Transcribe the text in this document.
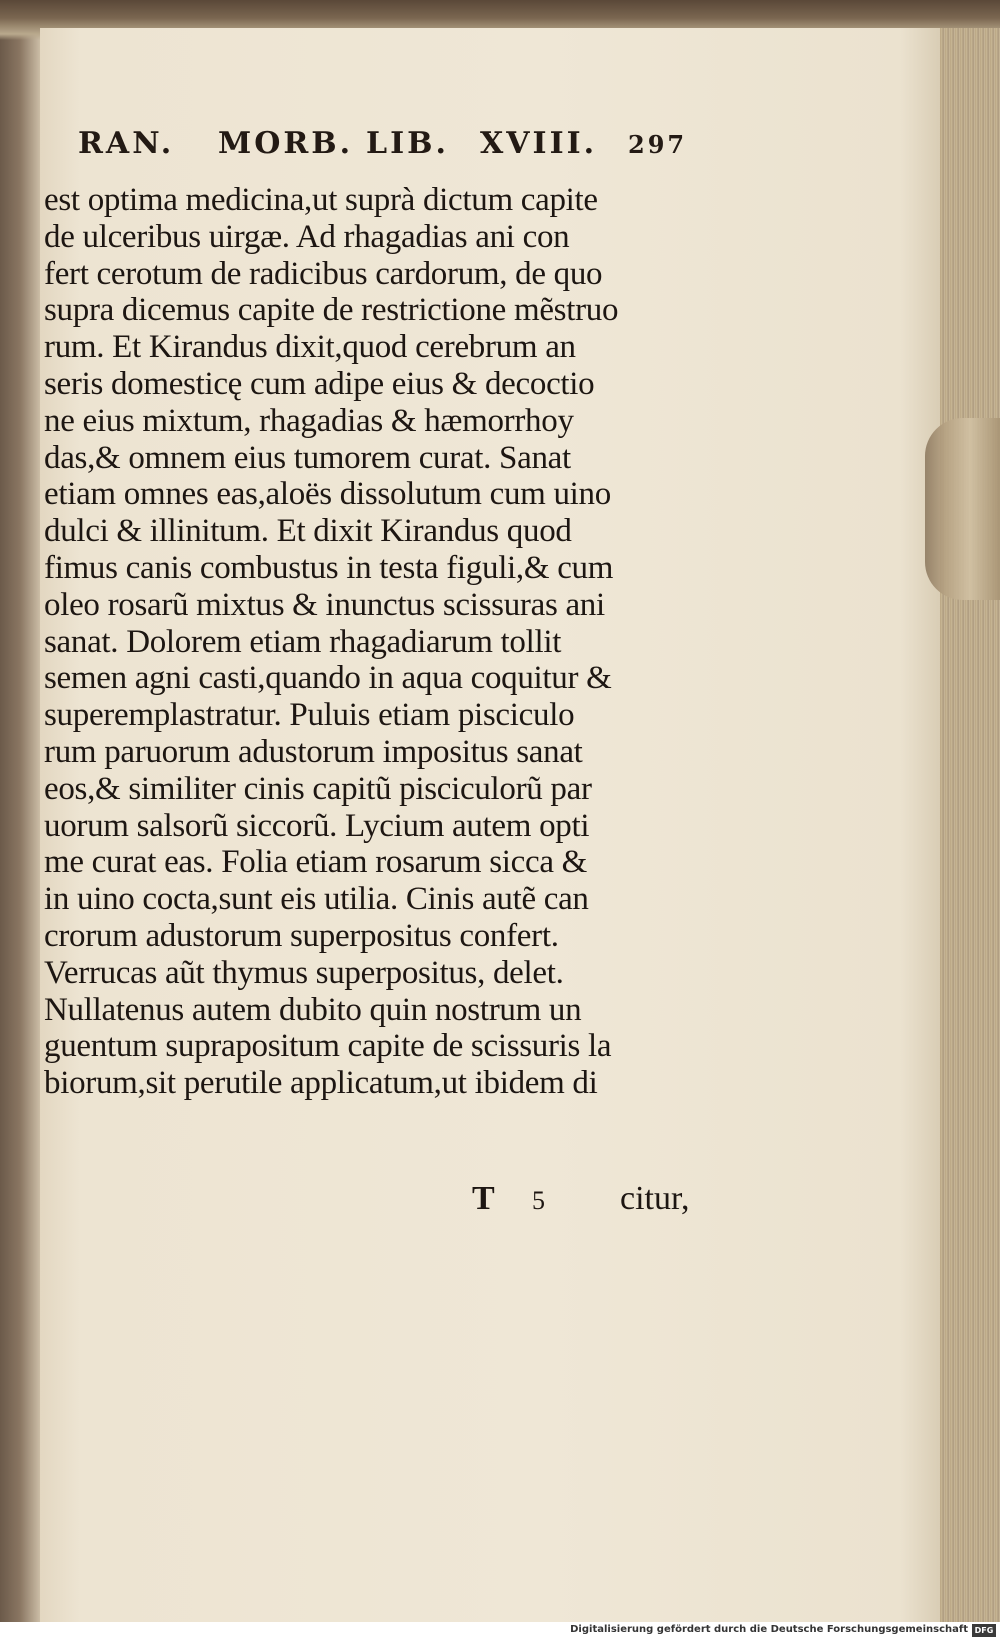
RAN. MORB. LIB. XVIII. 297
est optima medicina,ut suprà dictum capite
de ulceribus uirgæ. Ad rhagadias ani con
fert cerotum de radicibus cardorum, de quo
supra dicemus capite de restrictione mẽstruo
rum. Et Kirandus dixit,quod cerebrum an
seris domesticę cum adipe eius & decoctio
ne eius mixtum, rhagadias & hæmorrhoy
das,& omnem eius tumorem curat. Sanat
etiam omnes eas,aloës dissolutum cum uino
dulci & illinitum. Et dixit Kirandus quod
fimus canis combustus in testa figuli,& cum
oleo rosarũ mixtus & inunctus scissuras ani
sanat. Dolorem etiam rhagadiarum tollit
semen agni casti,quando in aqua coquitur &
superemplastratur. Puluis etiam pisciculo
rum paruorum adustorum impositus sanat
eos,& similiter cinis capitũ pisciculorũ par
uorum salsorũ siccorũ. Lycium autem opti
me curat eas. Folia etiam rosarum sicca &
in uino cocta,sunt eis utilia. Cinis autẽ can
crorum adustorum superpositus confert.
Verrucas aũt thymus superpositus, delet.
Nullatenus autem dubito quin nostrum un
guentum suprapositum capite de scissuris la
biorum,sit perutile applicatum,ut ibidem di
T 5 citur,
Digitalisierung gefördert durch die Deutsche Forschungsgemeinschaft DFG
